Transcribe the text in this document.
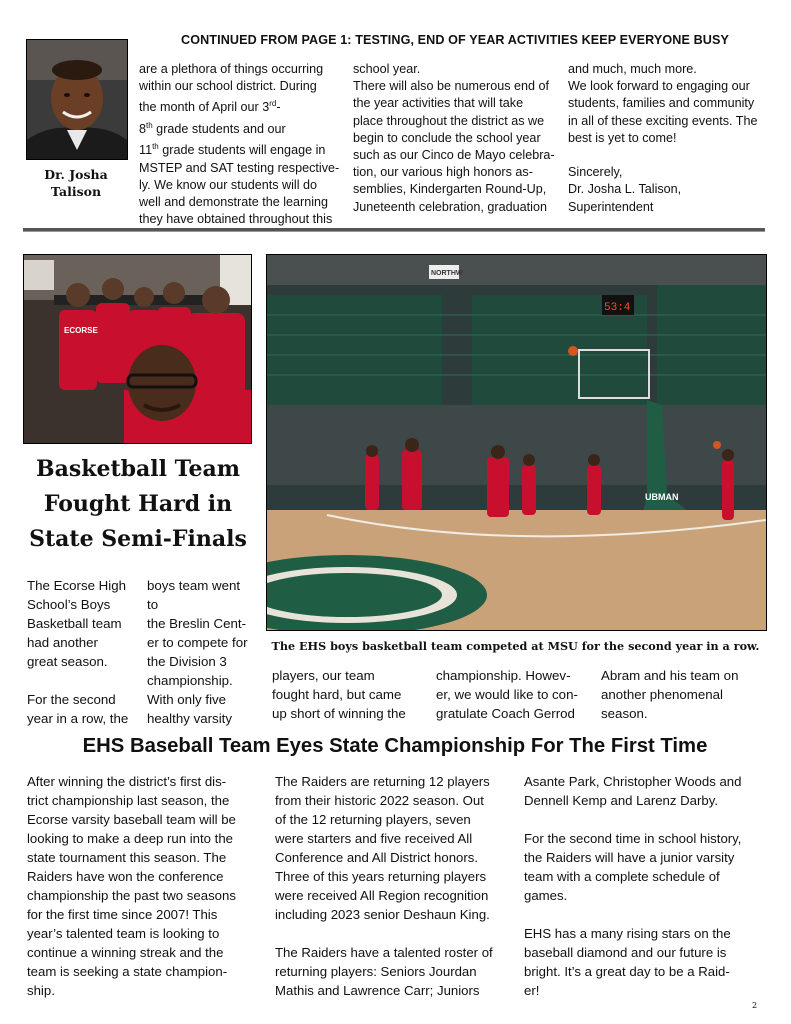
CONTINUED FROM PAGE 1: TESTING, END OF YEAR ACTIVITIES KEEP EVERYONE BUSY
Dr. Josha
Talison
are a plethora of things occurring
within our school district. During
the month of April our 3rd-
8th grade students and our
11th grade students will engage in
MSTEP and SAT testing respective-
ly. We know our students will do
well and demonstrate the learning
they have obtained throughout this
school year.
There will also be numerous end of
the year activities that will take
place throughout the district as we
begin to conclude the school year
such as our Cinco de Mayo celebra-
tion, our various high honors as-
semblies, Kindergarten Round-Up,
Juneteenth celebration, graduation
and much, much more.
We look forward to engaging our
students, families and community
in all of these exciting events. The
best is yet to come!

Sincerely,
Dr. Josha L. Talison,
Superintendent
ECORSE
Basketball Team
Fought Hard in
State Semi-Finals
NORTHW
53:4
UBMAN
The EHS boys basketball team competed at MSU for the second year in a row.
The Ecorse High
School’s Boys
Basketball team
had another
great season.

For the second
year in a row, the
boys team went
to
the Breslin Cent-
er to compete for
the Division 3
championship.
With only five
healthy varsity
players, our team
fought hard, but came
up short of winning the
championship. Howev-
er, we would like to con-
gratulate Coach Gerrod
Abram and his team on
another phenomenal
season.
EHS Baseball Team Eyes State Championship For The First Time
After winning the district’s first dis-
trict championship last season, the
Ecorse varsity baseball team will be
looking to make a deep run into the
state tournament this season. The
Raiders have won the conference
championship the past two seasons
for the first time since 2007! This
year’s talented team is looking to
continue a winning streak and the
team is seeking a state champion-
ship.
The Raiders are returning 12 players
from their historic 2022 season. Out
of the 12 returning players, seven
were starters and five received All
Conference and All District honors.
Three of this years returning players
were received All Region recognition
including 2023 senior Deshaun King.

The Raiders have a talented roster of
returning players: Seniors Jourdan
Mathis and Lawrence Carr; Juniors
Asante Park, Christopher Woods and
Dennell Kemp and Larenz Darby.

For the second time in school history,
the Raiders will have a junior varsity
team with a complete schedule of
games.

EHS has a many rising stars on the
baseball diamond and our future is
bright. It’s a great day to be a Raid-
er!
2
